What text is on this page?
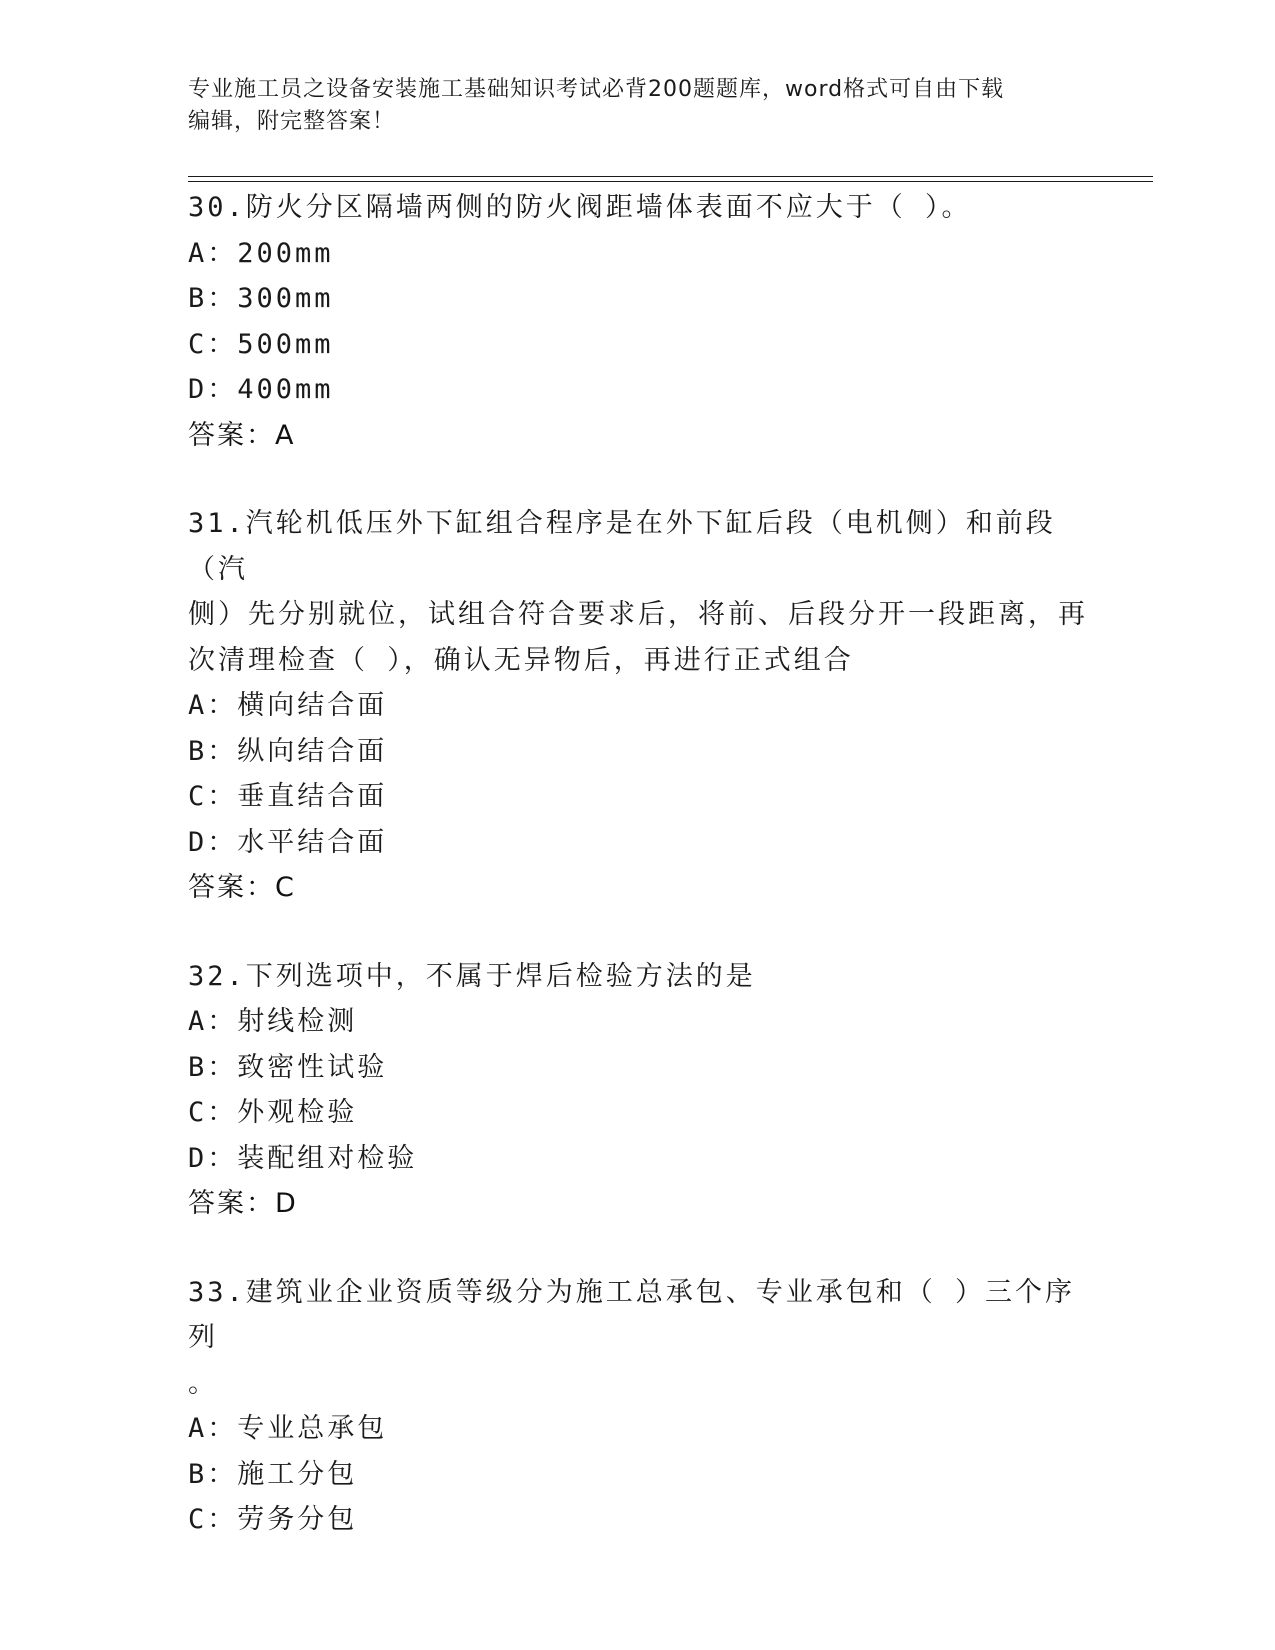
专业施工员之设备安装施工基础知识考试必背200题题库，word格式可自由下载
编辑，附完整答案！
30.防火分区隔墙两侧的防火阀距墙体表面不应大于（ ）。
A：200mm
B：300mm
C：500mm
D：400mm
答案：A
31.汽轮机低压外下缸组合程序是在外下缸后段（电机侧）和前段（汽
侧）先分别就位，试组合符合要求后，将前、后段分开一段距离，再
次清理检查（ ），确认无异物后，再进行正式组合
A：横向结合面
B：纵向结合面
C：垂直结合面
D：水平结合面
答案：C
32.下列选项中，不属于焊后检验方法的是
A：射线检测
B：致密性试验
C：外观检验
D：装配组对检验
答案：D
33.建筑业企业资质等级分为施工总承包、专业承包和（ ）三个序列
。
A：专业总承包
B：施工分包
C：劳务分包
